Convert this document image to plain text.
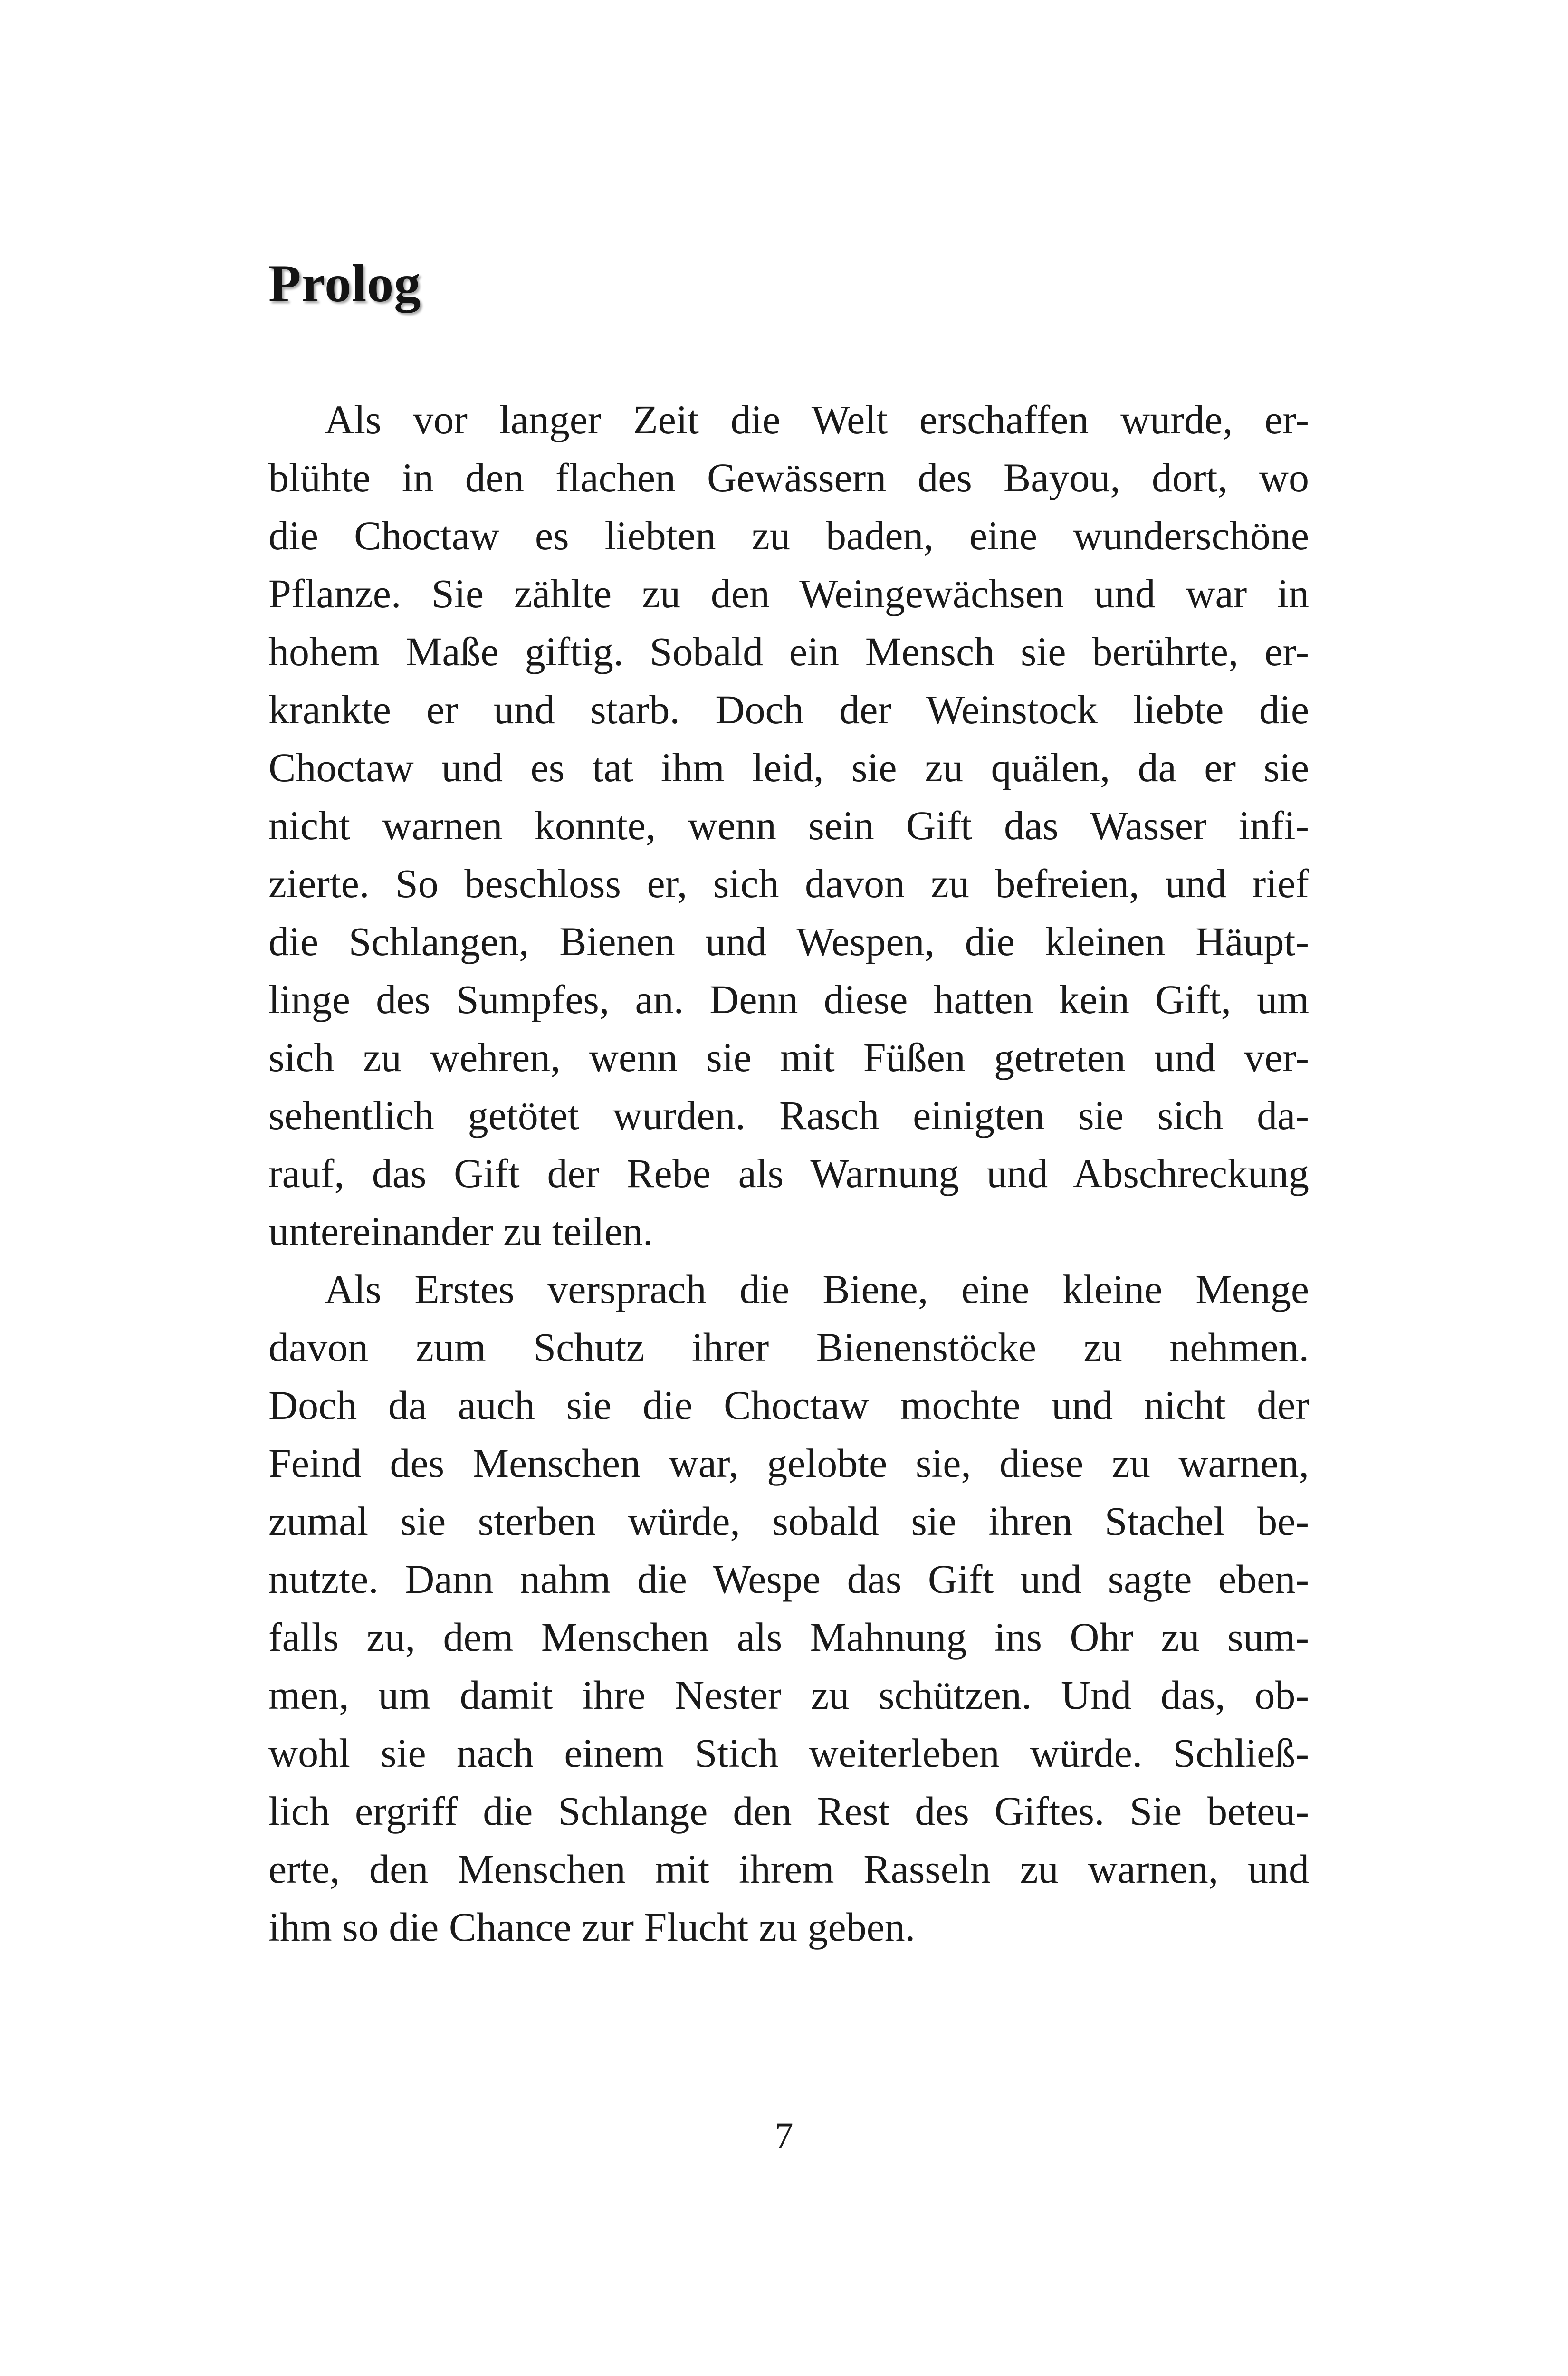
Prolog
Als vor langer Zeit die Welt erschaffen wurde, er-
blühte in den flachen Gewässern des Bayou, dort, wo
die Choctaw es liebten zu baden, eine wunderschöne
Pflanze. Sie zählte zu den Weingewächsen und war in
hohem Maße giftig. Sobald ein Mensch sie berührte, er-
krankte er und starb. Doch der Weinstock liebte die
Choctaw und es tat ihm leid, sie zu quälen, da er sie
nicht warnen konnte, wenn sein Gift das Wasser infi-
zierte. So beschloss er, sich davon zu befreien, und rief
die Schlangen, Bienen und Wespen, die kleinen Häupt-
linge des Sumpfes, an. Denn diese hatten kein Gift, um
sich zu wehren, wenn sie mit Füßen getreten und ver-
sehentlich getötet wurden. Rasch einigten sie sich da-
rauf, das Gift der Rebe als Warnung und Abschreckung
untereinander zu teilen.
Als Erstes versprach die Biene, eine kleine Menge
davon zum Schutz ihrer Bienenstöcke zu nehmen.
Doch da auch sie die Choctaw mochte und nicht der
Feind des Menschen war, gelobte sie, diese zu warnen,
zumal sie sterben würde, sobald sie ihren Stachel be-
nutzte. Dann nahm die Wespe das Gift und sagte eben-
falls zu, dem Menschen als Mahnung ins Ohr zu sum-
men, um damit ihre Nester zu schützen. Und das, ob-
wohl sie nach einem Stich weiterleben würde. Schließ-
lich ergriff die Schlange den Rest des Giftes. Sie beteu-
erte, den Menschen mit ihrem Rasseln zu warnen, und
ihm so die Chance zur Flucht zu geben.
7
